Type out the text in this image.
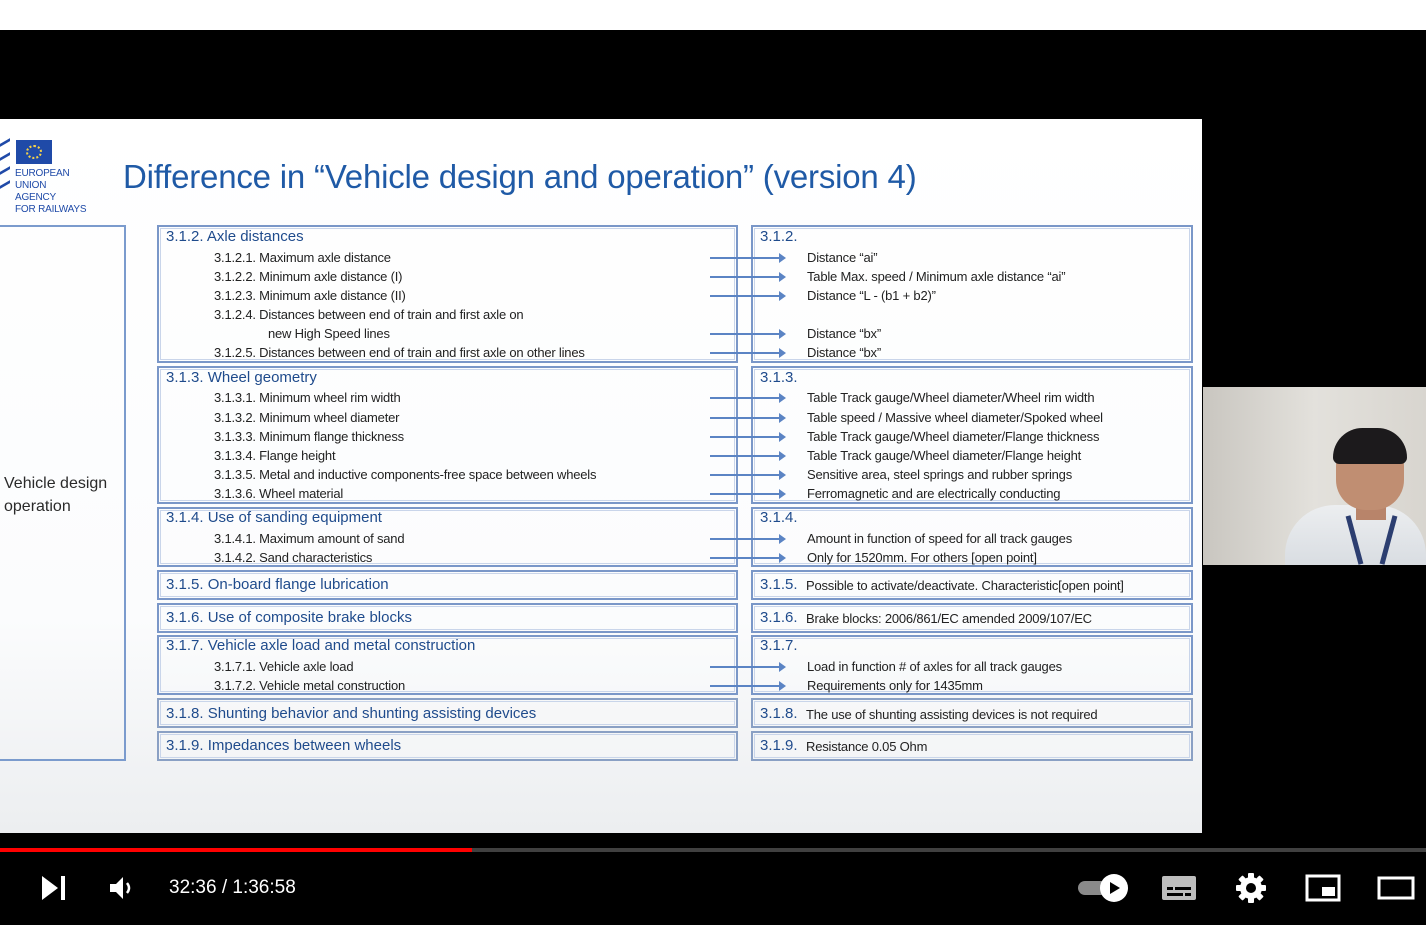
EUROPEAN
UNION
AGENCY
FOR RAILWAYS
Difference in “Vehicle design and operation” (version 4)
Vehicle design
operation
3.1.2. Axle distances
3.1.2.1. Maximum axle distance
3.1.2.2. Minimum axle distance (I)
3.1.2.3. Minimum axle distance (II)
3.1.2.4. Distances between end of train and first axle on
new High Speed lines
3.1.2.5. Distances between end of train and first axle on other lines
3.1.3. Wheel geometry
3.1.3.1. Minimum wheel rim width
3.1.3.2. Minimum wheel diameter
3.1.3.3. Minimum flange thickness
3.1.3.4. Flange height
3.1.3.5. Metal and inductive components-free space between wheels
3.1.3.6. Wheel material
3.1.4. Use of sanding equipment
3.1.4.1. Maximum amount of sand
3.1.4.2. Sand characteristics
3.1.5. On-board flange lubrication
3.1.6. Use of composite brake blocks
3.1.7. Vehicle axle load and metal construction
3.1.7.1. Vehicle axle load
3.1.7.2. Vehicle metal construction
3.1.8. Shunting behavior and shunting assisting devices
3.1.9. Impedances between wheels
3.1.2.
Distance “ai”
Table Max. speed / Minimum axle distance “ai”
Distance “L - (b1 + b2)”
Distance “bx”
Distance “bx”
3.1.3.
Table Track gauge/Wheel diameter/Wheel rim width
Table speed / Massive wheel diameter/Spoked wheel
Table Track gauge/Wheel diameter/Flange thickness
Table Track gauge/Wheel diameter/Flange height
Sensitive area, steel springs and rubber springs
Ferromagnetic and are electrically conducting
3.1.4.
Amount in function of speed for all track gauges
Only for 1520mm. For others [open point]
3.1.5. Possible to activate/deactivate. Characteristic[open point]
3.1.6. Brake blocks: 2006/861/EC amended 2009/107/EC
3.1.7.
Load in function # of axles for all track gauges
Requirements only for 1435mm
3.1.8. The use of shunting assisting devices is not required
3.1.9. Resistance 0.05 Ohm
32:36 / 1:36:58
